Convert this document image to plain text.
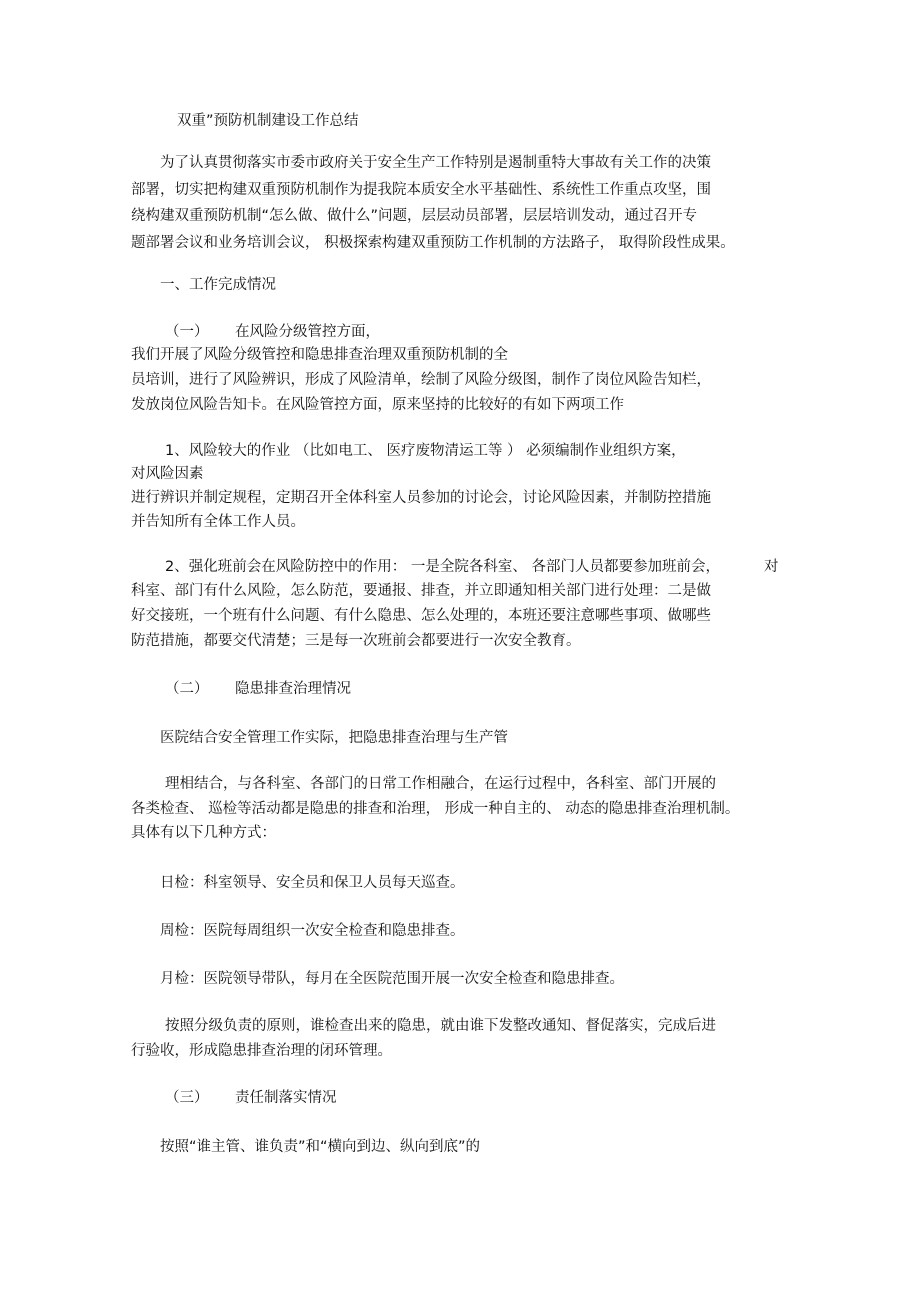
双重”预防机制建设工作总结
为了认真贯彻落实市委市政府关于安全生产工作特别是遏制重特大事故有关工作的决策
部署，切实把构建双重预防机制作为提我院本质安全水平基础性、系统性工作重点攻坚，围
绕构建双重预防机制“怎么做、做什么”问题，层层动员部署，层层培训发动，通过召开专
题部署会议和业务培训会议， 积极探索构建双重预防工作机制的方法路子， 取得阶段性成果。
一、工作完成情况
（一） 在风险分级管控方面，
我们开展了风险分级管控和隐患排查治理双重预防机制的全
员培训，进行了风险辨识，形成了风险清单，绘制了风险分级图，制作了岗位风险告知栏，
发放岗位风险告知卡。在风险管控方面，原来坚持的比较好的有如下两项工作
1、风险较大的作业 （比如电工、 医疗废物清运工等 ） 必须编制作业组织方案，
对风险因素
进行辨识并制定规程，定期召开全体科室人员参加的讨论会，讨论风险因素，并制防控措施
并告知所有全体工作人员。
2、强化班前会在风险防控中的作用： 一是全院各科室、 各部门人员都要参加班前会，	对
科室、部门有什么风险，怎么防范，要通报、排查，并立即通知相关部门进行处理：二是做
好交接班，一个班有什么问题、有什么隐患、怎么处理的，本班还要注意哪些事项、做哪些
防范措施，都要交代清楚；三是每一次班前会都要进行一次安全教育。
（二） 隐患排查治理情况
医院结合安全管理工作实际，把隐患排查治理与生产管
理相结合，与各科室、各部门的日常工作相融合，在运行过程中，各科室、部门开展的
各类检查、 巡检等活动都是隐患的排查和治理， 形成一种自主的、 动态的隐患排查治理机制。
具体有以下几种方式：
日检：科室领导、安全员和保卫人员每天巡查。
周检：医院每周组织一次安全检查和隐患排查。
月检：医院领导带队，每月在全医院范围开展一次安全检查和隐患排查。
按照分级负责的原则，谁检查出来的隐患，就由谁下发整改通知、督促落实，完成后进
行验收，形成隐患排查治理的闭环管理。
（三） 责任制落实情况
按照“谁主管、谁负责”和“横向到边、纵向到底”的
